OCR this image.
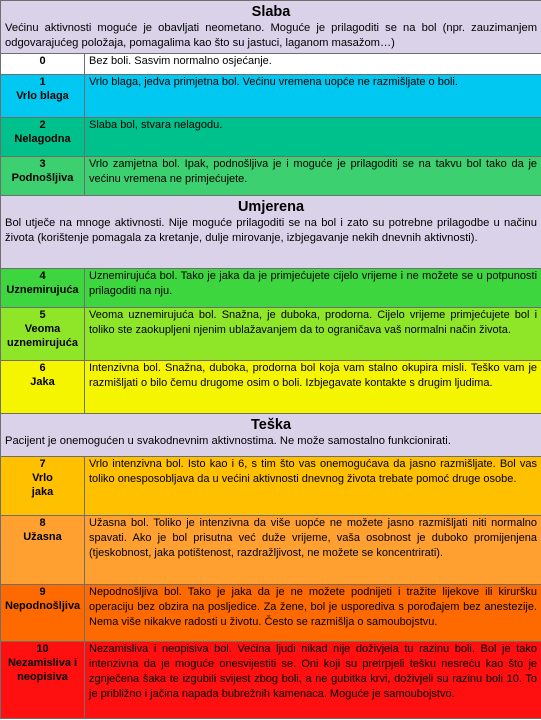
Slaba
Većinu aktivnosti moguće je obavljati neometano. Moguće je prilagoditi se na bol (npr. zauzimanjem odgovarajućeg položaja, pomagalima kao što su jastuci, laganom masažom…)	

0	Bez boli. Sasvim normalno osjećanje.

1
Vrlo blaga	Vrlo blaga, jedva primjetna bol. Većinu vremena uopće ne razmišljate o boli.

2
Nelagodna	Slaba bol, stvara nelagodu.

3
Podnošljiva	Vrlo zamjetna bol. Ipak, podnošljiva je i moguće je prilagoditi se na takvu bol tako da je većinu vremena ne primjećujete.

Umjerena
Bol utječe na mnoge aktivnosti. Nije moguće prilagoditi se na bol i zato su potrebne prilagodbe u načinu života (korištenje pomagala za kretanje, dulje mirovanje, izbjegavanje nekih dnevnih aktivnosti).	

4
Uznemirujuća	Uznemirujuća bol. Tako je jaka da je primjećujete cijelo vrijeme i ne možete se u potpunosti prilagoditi na nju.

5
Veoma uznemirujuća	Veoma uznemirujuća bol. Snažna, je duboka, prodorna. Cijelo vrijeme primjećujete bol i toliko ste zaokupljeni njenim ublažavanjem da to ograničava vaš normalni način života.

6
Jaka	Intenzivna bol. Snažna, duboka, prodorna bol koja vam stalno okupira misli. Teško vam je razmišljati o bilo čemu drugome osim o boli. Izbjegavate kontakte s drugim ljudima.

Teška
Pacijent je onemogućen u svakodnevnim aktivnostima. Ne može samostalno funkcionirati.	

7
Vrlo jaka	Vrlo intenzivna bol. Isto kao i 6, s tim što vas onemogućava da jasno razmišljate. Bol vas toliko onesposobljava da u većini aktivnosti dnevnog života trebate pomoć druge osobe.

8
Užasna	Užasna bol. Toliko je intenzivna da više uopće ne možete jasno razmišljati niti normalno spavati. Ako je bol prisutna već duže vrijeme, vaša osobnost je duboko promijenjena (tjeskobnost, jaka potištenost, razdražljivost, ne možete se koncentrirati).

9
Nepodnošljiva	Nepodnošljiva bol. Tako je jaka da je ne možete podnijeti i tražite lijekove ili kiruršku operaciju bez obzira na posljedice. Za žene, bol je usporediva s porođajem bez anestezije. Nema više nikakve radosti u životu. Često se razmišlja o samoubojstvu.

10
Nezamisliva i neopisiva	Nezamisliva i neopisiva bol. Većina ljudi nikad nije doživjela tu razinu boli. Bol je tako intenzivna da je moguće onesvijestiti se. Oni koji su pretrpjeli tešku nesreću kao što je zgnječena šaka te izgubili svijest zbog boli, a ne gubitka krvi, doživjeli su razinu boli 10. To je približno i jačina napada bubrežnih kamenaca. Moguće je samoubojstvo.
